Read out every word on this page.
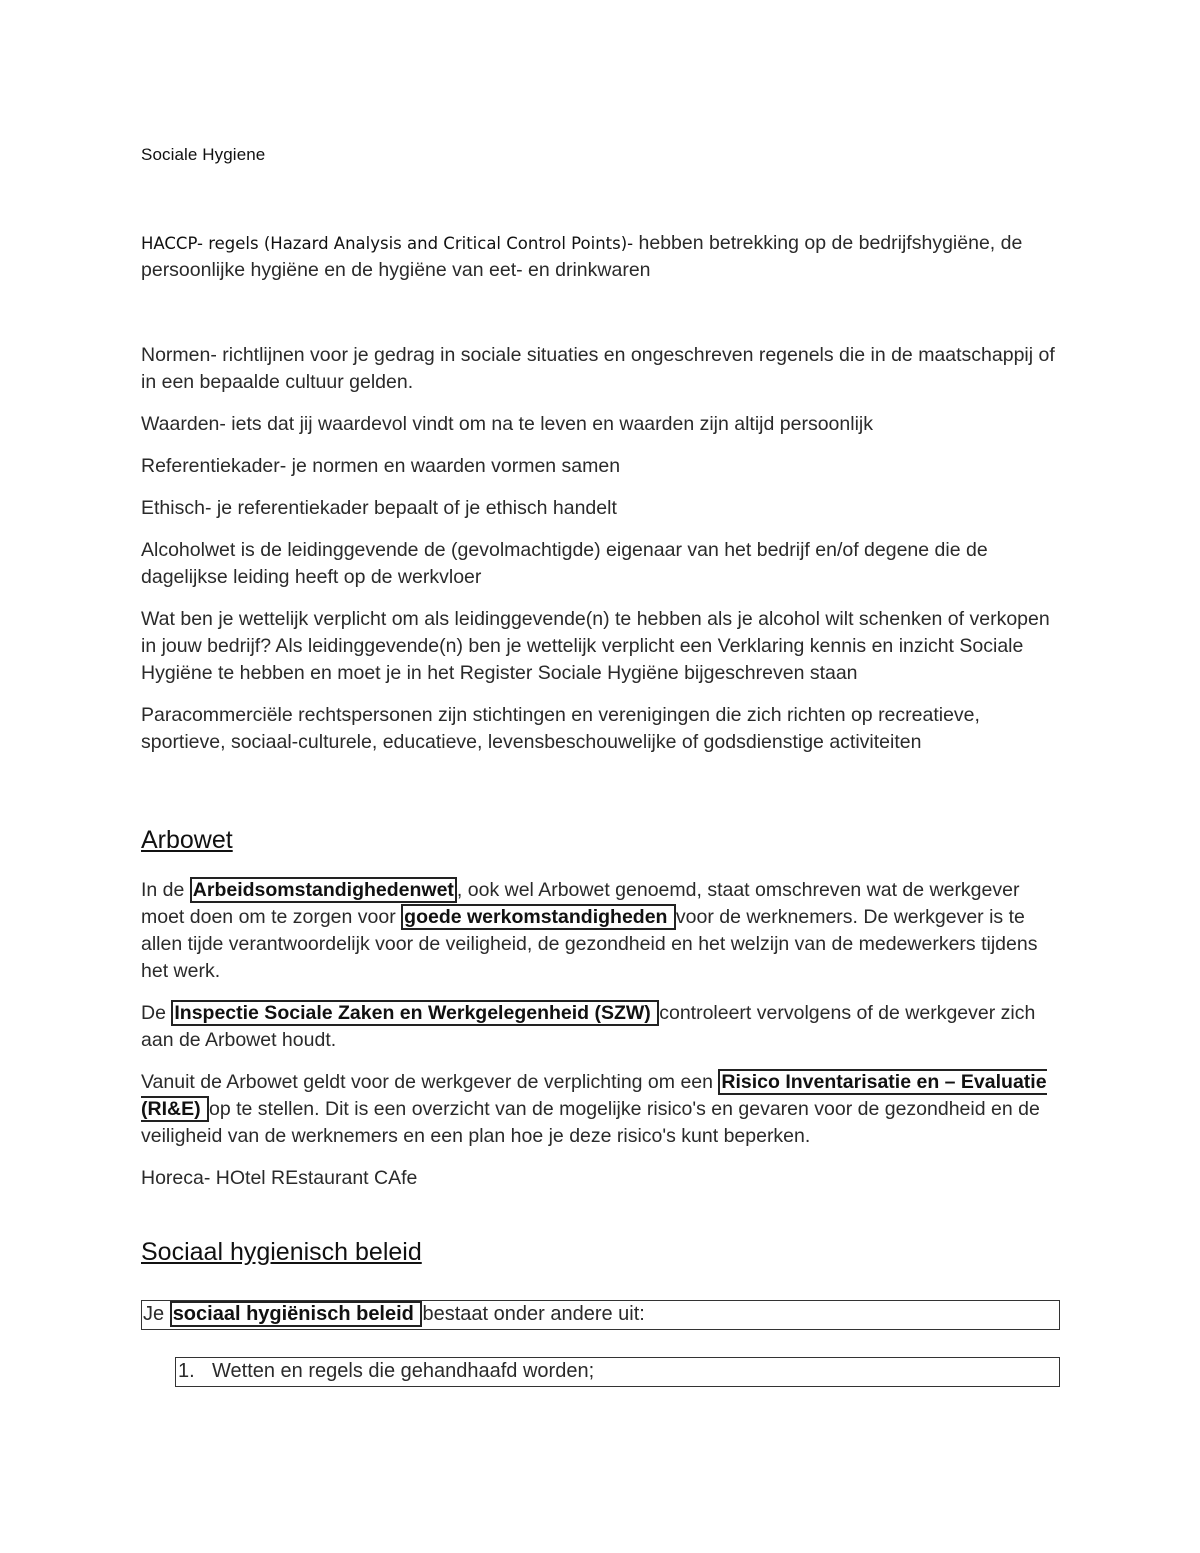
Sociale Hygiene

HACCP- regels (Hazard Analysis and Critical Control Points)- hebben betrekking op de bedrijfshygiëne, de persoonlijke hygiëne en de hygiëne van eet- en drinkwaren

Normen- richtlijnen voor je gedrag in sociale situaties en ongeschreven regenels die in de maatschappij of in een bepaalde cultuur gelden.

Waarden- iets dat jij waardevol vindt om na te leven en waarden zijn altijd persoonlijk

Referentiekader- je normen en waarden vormen samen

Ethisch- je referentiekader bepaalt of je ethisch handelt

Alcoholwet is de leidinggevende de (gevolmachtigde) eigenaar van het bedrijf en/of degene die de dagelijkse leiding heeft op de werkvloer

Wat ben je wettelijk verplicht om als leidinggevende(n) te hebben als je alcohol wilt schenken of verkopen in jouw bedrijf? Als leidinggevende(n) ben je wettelijk verplicht een Verklaring kennis en inzicht Sociale Hygiëne te hebben en moet je in het Register Sociale Hygiëne bijgeschreven staan

Paracommerciële rechtspersonen zijn stichtingen en verenigingen die zich richten op recreatieve, sportieve, sociaal-culturele, educatieve, levensbeschouwelijke of godsdienstige activiteiten

Arbowet

In de Arbeidsomstandighedenwet , ook wel Arbowet genoemd, staat omschreven wat de werkgever moet doen om te zorgen voor goede werkomstandigheden voor de werknemers. De werkgever is te allen tijde verantwoordelijk voor de veiligheid, de gezondheid en het welzijn van de medewerkers tijdens het werk.

De Inspectie Sociale Zaken en Werkgelegenheid (SZW) controleert vervolgens of de werkgever zich aan de Arbowet houdt.

Vanuit de Arbowet geldt voor de werkgever de verplichting om een Risico Inventarisatie en – Evaluatie (RI&E) op te stellen. Dit is een overzicht van de mogelijke risico's en gevaren voor de gezondheid en de veiligheid van de werknemers en een plan hoe je deze risico's kunt beperken.

Horeca- HOtel REstaurant CAfe

Sociaal hygienisch beleid
Je sociaal hygiënisch beleid bestaat onder andere uit:
1. Wetten en regels die gehandhaafd worden;
